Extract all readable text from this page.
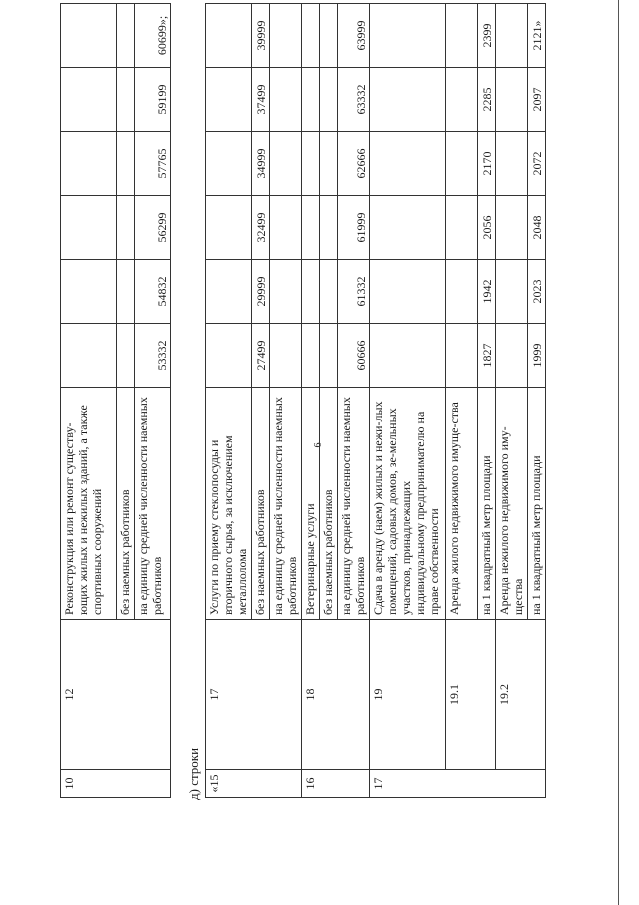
6
10	12	Реконструкция или ремонт существу-ющих жилых и нежилых зданий, а также спортивных сооружений						
		без наемных работников						
		на единицу средней численности наемных работников	53332	54832	56299	57765	59199	60699»;
д) строки «15	17	Услуги по приему стеклопосуды и вторичного сырья, за исключением металлолома						
		без наемных работников	27499	29999	32499	34999	37499	39999
		на единицу средней численности наемных работников						
16	18	Ветеринарные услуги						
		без наемных работников						
		на единицу средней численности наемных работников	60666	61332	61999	62666	63332	63999
17	19	Сдача в аренду (наем) жилых и нежи-лых помещений, садовых домов, зе-мельных участков, принадлежащих индивидуальному предпринимателю на праве собственности						
	19.1	Аренда жилого недвижимого имуще-ства						
		на 1 квадратный метр площади	1827	1942	2056	2170	2285	2399
	19.2	Аренда нежилого недвижимого иму-щества						
		на 1 квадратный метр площади	1999	2023	2048	2072	2097	2121»
